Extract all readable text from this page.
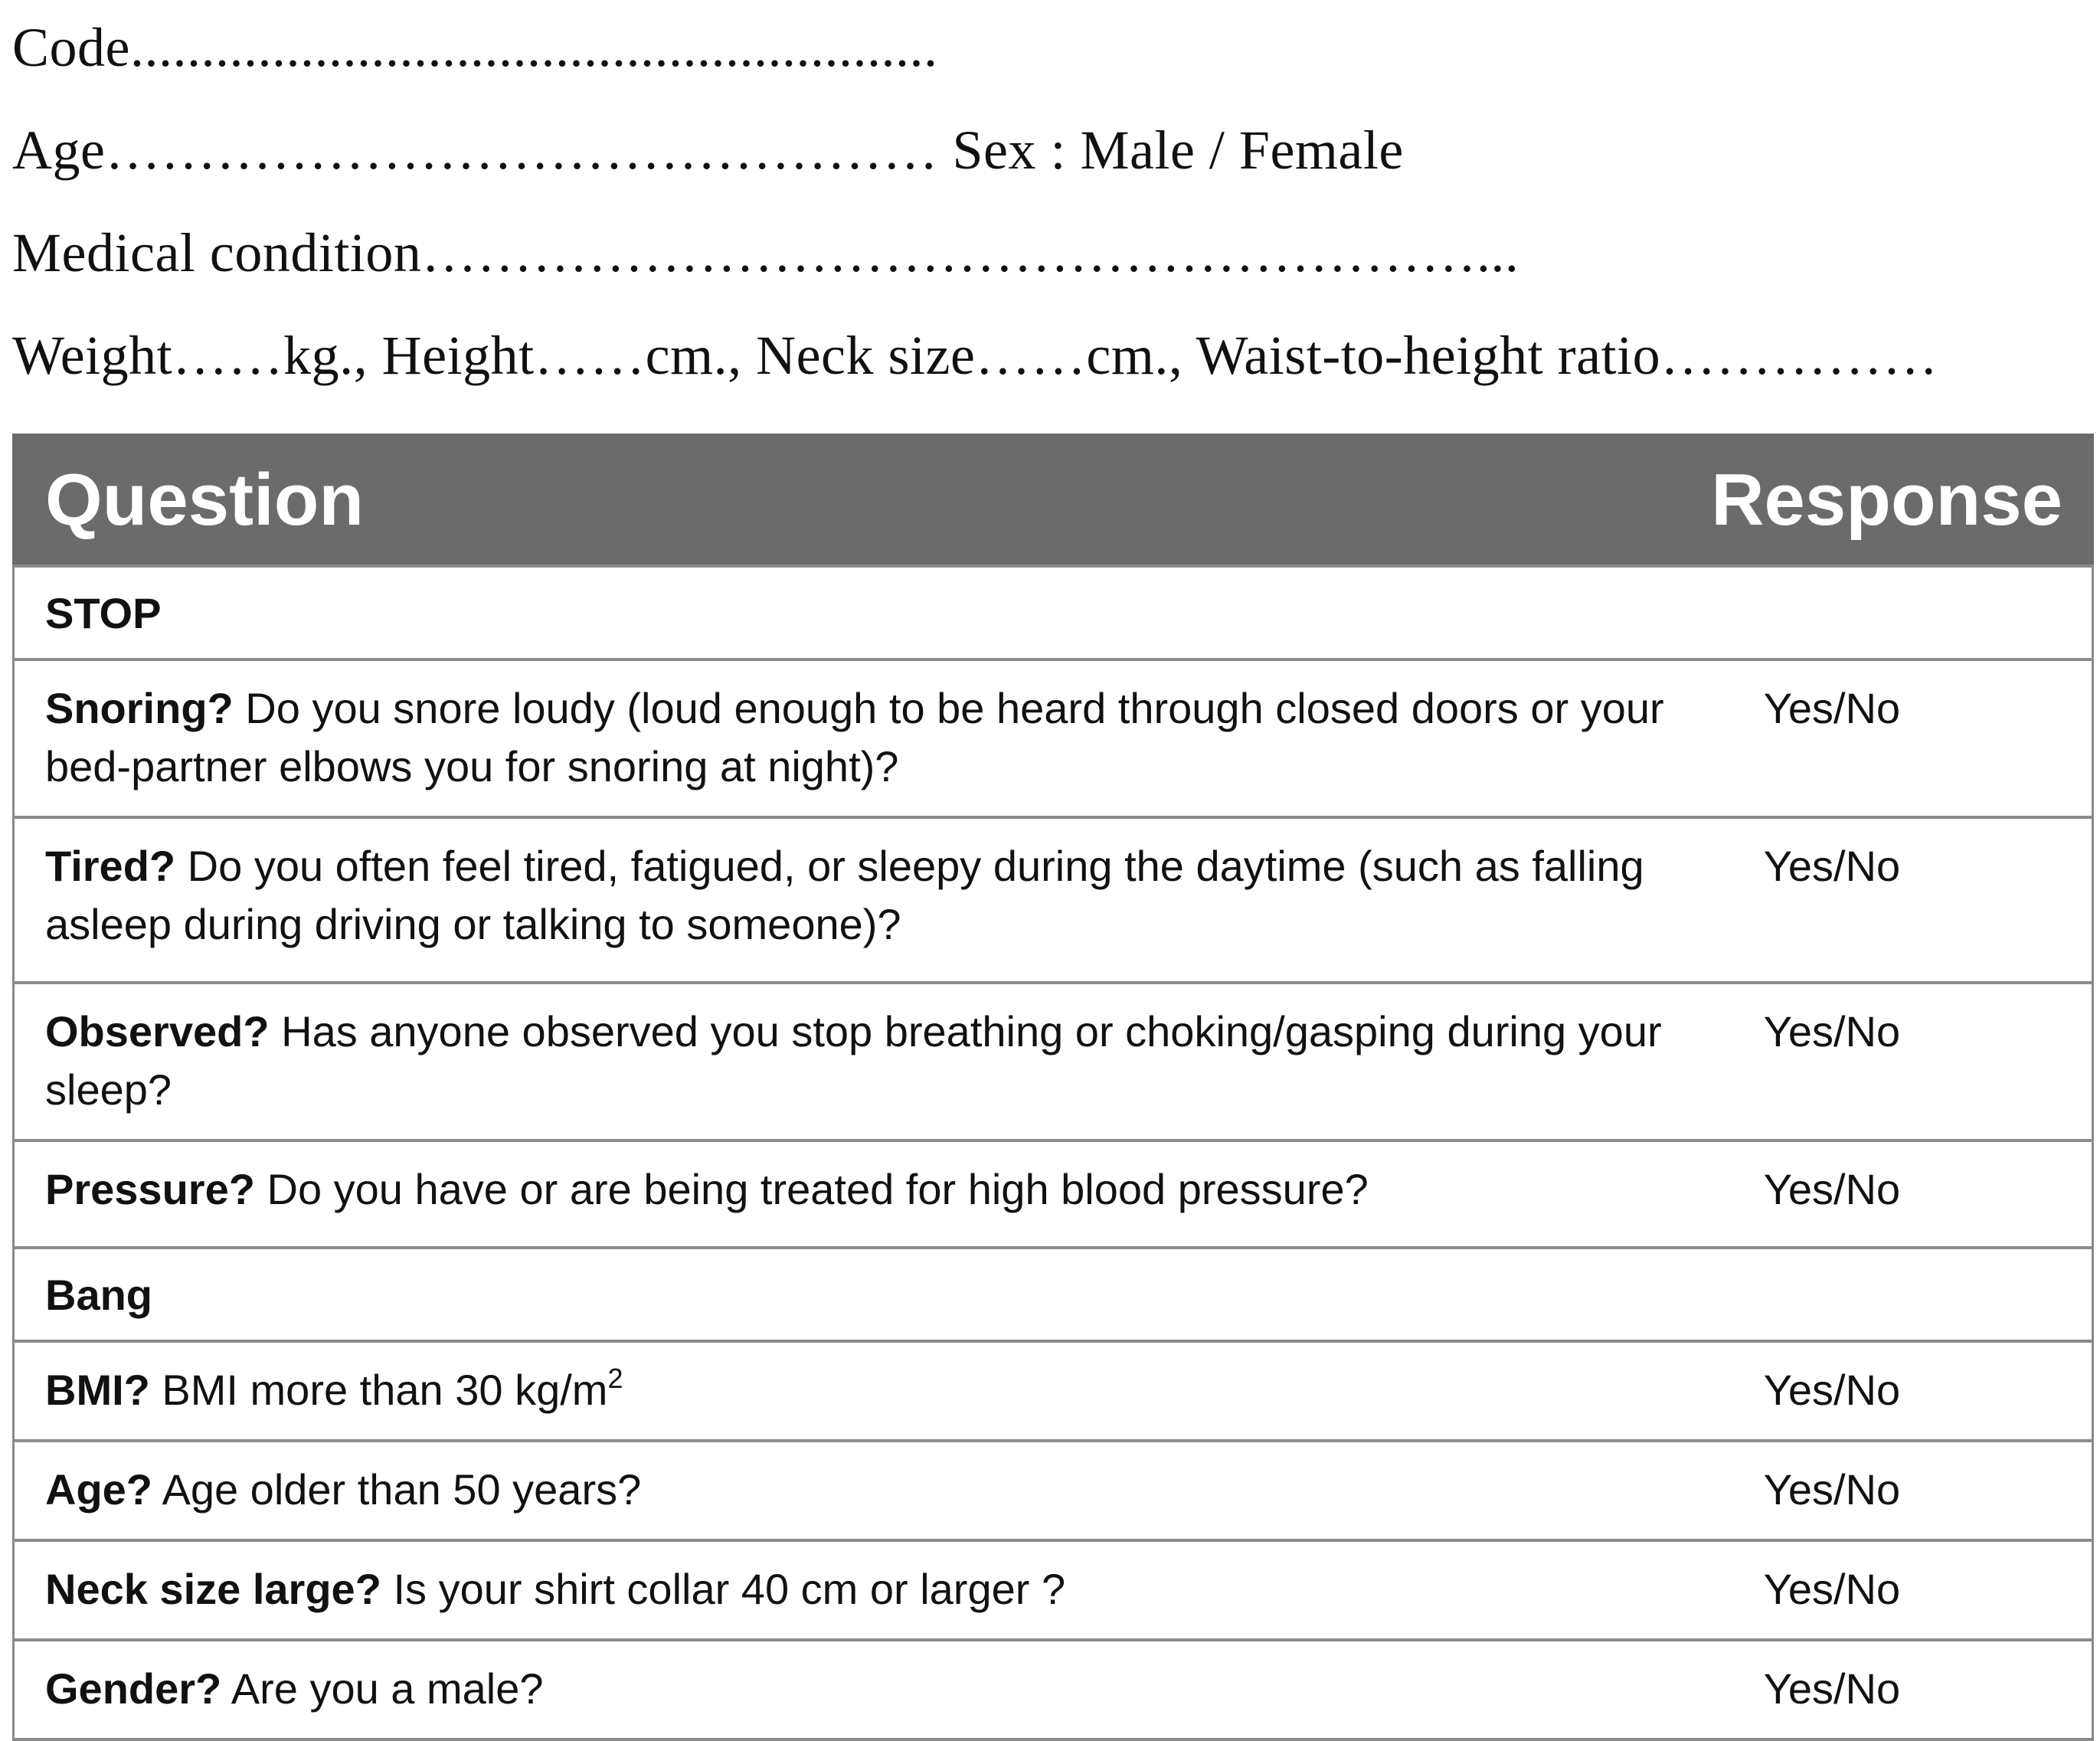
Code.........................................................
Age……………………………………… Sex : Male / Female
Medical condition…………………………………………………...
Weight……kg., Height……cm., Neck size……cm., Waist-to-height ratio……………
Question	Response
STOP	
Snoring? Do you snore loudy (loud enough to be heard through closed doors or your bed-partner elbows you for snoring at night)?	Yes/No
Tired? Do you often feel tired, fatigued, or sleepy during the daytime (such as falling asleep during driving or talking to someone)?	Yes/No
Observed? Has anyone observed you stop breathing or choking/gasping during your sleep?	Yes/No
Pressure? Do you have or are being treated for high blood pressure?	Yes/No
Bang	
BMI? BMI more than 30 $kg/m^2$	Yes/No
Age? Age older than 50 years?	Yes/No
Neck size large? Is your shirt collar 40 cm or larger ?	Yes/No
Gender? Are you a male?	Yes/No
